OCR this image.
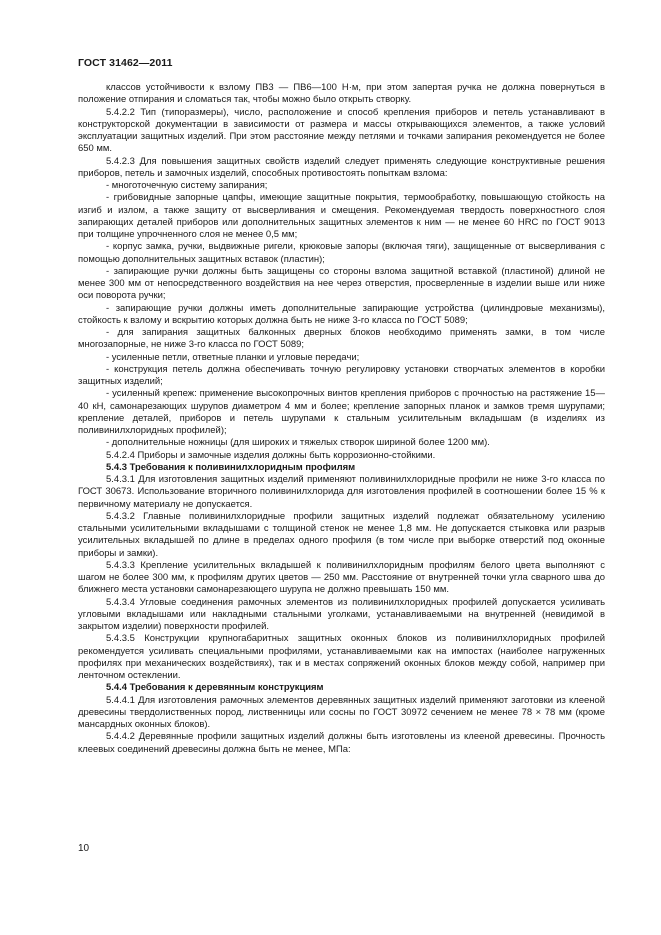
ГОСТ 31462—2011

классов устойчивости к взлому ПВ3 — ПВ6—100 Н·м, при этом запертая ручка не должна повернуться в положение отпирания и сломаться так, чтобы можно было открыть створку.

5.4.2.2 Тип (типоразмеры), число, расположение и способ крепления приборов и петель устанавливают в конструкторской документации в зависимости от размера и массы открывающихся элементов, а также условий эксплуатации защитных изделий. При этом расстояние между петлями и точками запирания рекомендуется не более 650 мм.

5.4.2.3 Для повышения защитных свойств изделий следует применять следующие конструктивные решения приборов, петель и замочных изделий, способных противостоять попыткам взлома:

- многоточечную систему запирания;

- грибовидные запорные цапфы, имеющие защитные покрытия, термообработку, повышающую стойкость на изгиб и излом, а также защиту от высверливания и смещения. Рекомендуемая твердость поверхностного слоя запирающих деталей приборов или дополнительных защитных элементов к ним — не менее 60 HRC по ГОСТ 9013 при толщине упрочненного слоя не менее 0,5 мм;

- корпус замка, ручки, выдвижные ригели, крюковые запоры (включая тяги), защищенные от высверливания с помощью дополнительных защитных вставок (пластин);

- запирающие ручки должны быть защищены со стороны взлома защитной вставкой (пластиной) длиной не менее 300 мм от непосредственного воздействия на нее через отверстия, просверленные в изделии выше или ниже оси поворота ручки;

- запирающие ручки должны иметь дополнительные запирающие устройства (цилиндровые механизмы), стойкость к взлому и вскрытию которых должна быть не ниже 3-го класса по ГОСТ 5089;

- для запирания защитных балконных дверных блоков необходимо применять замки, в том числе многозапорные, не ниже 3-го класса по ГОСТ 5089;

- усиленные петли, ответные планки и угловые передачи;

- конструкция петель должна обеспечивать точную регулировку установки створчатых элементов в коробки защитных изделий;

- усиленный крепеж: применение высокопрочных винтов крепления приборов с прочностью на растяжение 15—40 кН, самонарезающих шурупов диаметром 4 мм и более; крепление запорных планок и замков тремя шурупами; крепление деталей, приборов и петель шурупами к стальным усилительным вкладышам (в изделиях из поливинилхлоридных профилей);

- дополнительные ножницы (для широких и тяжелых створок шириной более 1200 мм).

5.4.2.4 Приборы и замочные изделия должны быть коррозионно-стойкими.

5.4.3 Требования к поливинилхлоридным профилям

5.4.3.1 Для изготовления защитных изделий применяют поливинилхлоридные профили не ниже 3-го класса по ГОСТ 30673. Использование вторичного поливинилхлорида для изготовления профилей в соотношении более 15 % к первичному материалу не допускается.

5.4.3.2 Главные поливинилхлоридные профили защитных изделий подлежат обязательному усилению стальными усилительными вкладышами с толщиной стенок не менее 1,8 мм. Не допускается стыковка или разрыв усилительных вкладышей по длине в пределах одного профиля (в том числе при выборке отверстий под оконные приборы и замки).

5.4.3.3 Крепление усилительных вкладышей к поливинилхлоридным профилям белого цвета выполняют с шагом не более 300 мм, к профилям других цветов — 250 мм. Расстояние от внутренней точки угла сварного шва до ближнего места установки самонарезающего шурупа не должно превышать 150 мм.

5.4.3.4 Угловые соединения рамочных элементов из поливинилхлоридных профилей допускается усиливать угловыми вкладышами или накладными стальными уголками, устанавливаемыми на внутренней (невидимой в закрытом изделии) поверхности профилей.

5.4.3.5 Конструкции крупногабаритных защитных оконных блоков из поливинилхлоридных профилей рекомендуется усиливать специальными профилями, устанавливаемыми как на импостах (наиболее нагруженных профилях при механических воздействиях), так и в местах сопряжений оконных блоков между собой, например при ленточном остеклении.

5.4.4 Требования к деревянным конструкциям

5.4.4.1 Для изготовления рамочных элементов деревянных защитных изделий применяют заготовки из клееной древесины твердолиственных пород, лиственницы или сосны по ГОСТ 30972 сечением не менее 78 × 78 мм (кроме мансардных оконных блоков).

5.4.4.2 Деревянные профили защитных изделий должны быть изготовлены из клееной древесины. Прочность клеевых соединений древесины должна быть не менее, МПа:

10
